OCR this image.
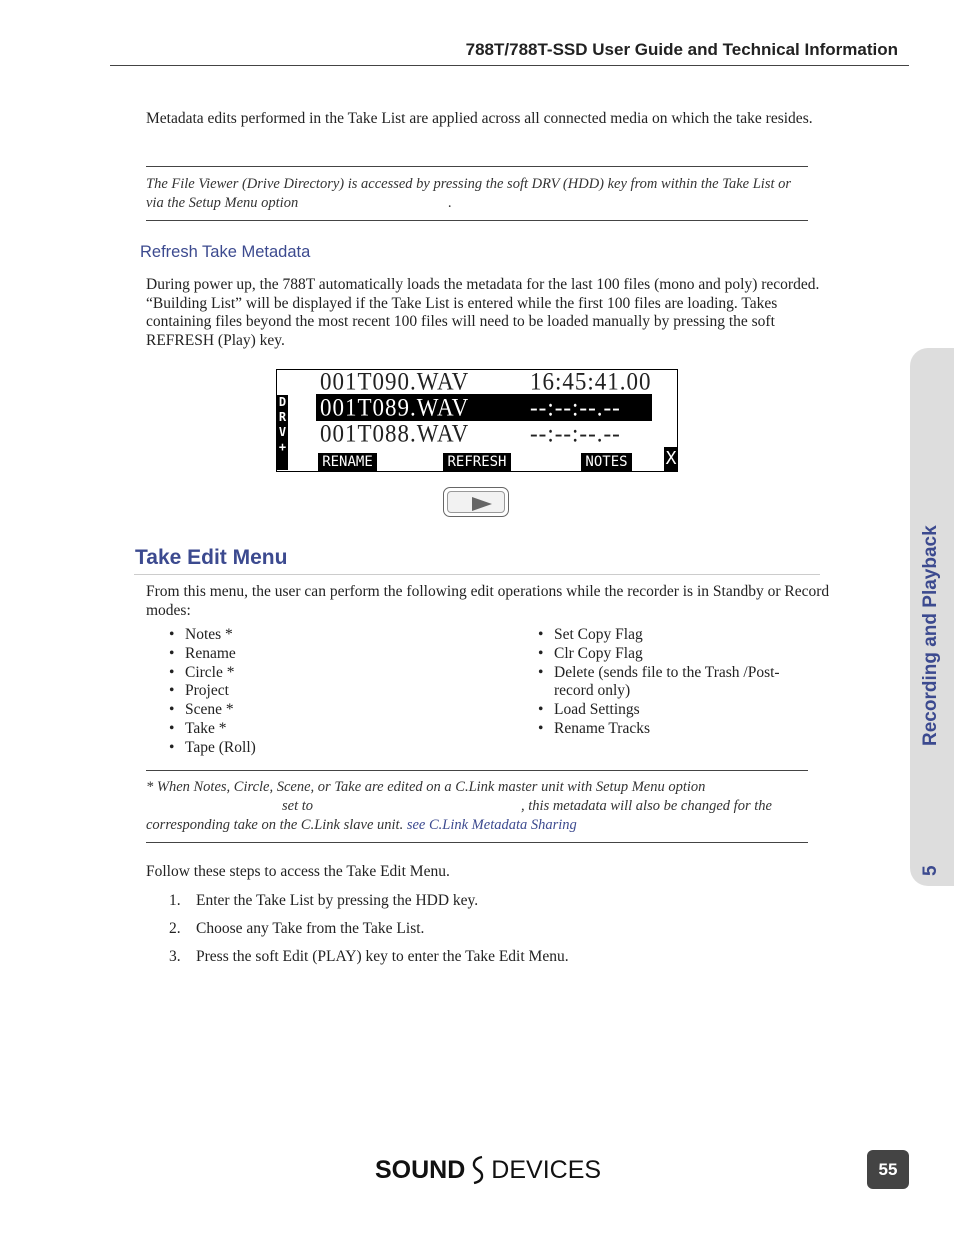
788T/788T-SSD User Guide and Technical Information
Metadata edits performed in the Take List are applied across all connected media on which the take resides.
The File Viewer (Drive Directory) is accessed by pressing the soft DRV (HDD) key from within the Take List or via the Setup Menu option	.
Refresh Take Metadata
During power up, the 788T automatically loads the metadata for the last 100 files (mono and poly) recorded. “Building List” will be displayed if the Take List is entered while the first 100 files are loading. Takes containing files beyond the most recent 100 files will need to be loaded manually by pressing the soft REFRESH (Play) key.
001T090.WAV	16:45:41.00
001T089.WAV	--:--:--.--
001T088.WAV	--:--:--.--
D
R
V
+
RENAME	REFRESH	NOTES X
Take Edit Menu
From this menu, the user can perform the following edit operations while the recorder is in Standby or Record modes:
• Notes *
• Rename
• Circle *
• Project
• Scene *
• Take *
• Tape (Roll)
• Set Copy Flag
• Clr Copy Flag
• Delete (sends file to the Trash /Post-record only)
• Load Settings
• Rename Tracks
* When Notes, Circle, Scene, or Take are edited on a C.Link master unit with Setup Menu option
set to	, this metadata will also be changed for the
corresponding take on the C.Link slave unit. see C.Link Metadata Sharing
Follow these steps to access the Take Edit Menu.
1. Enter the Take List by pressing the HDD key.
2. Choose any Take from the Take List.
3. Press the soft Edit (PLAY) key to enter the Take Edit Menu.
5
Recording and Playback
SOUND DEVICES	55
